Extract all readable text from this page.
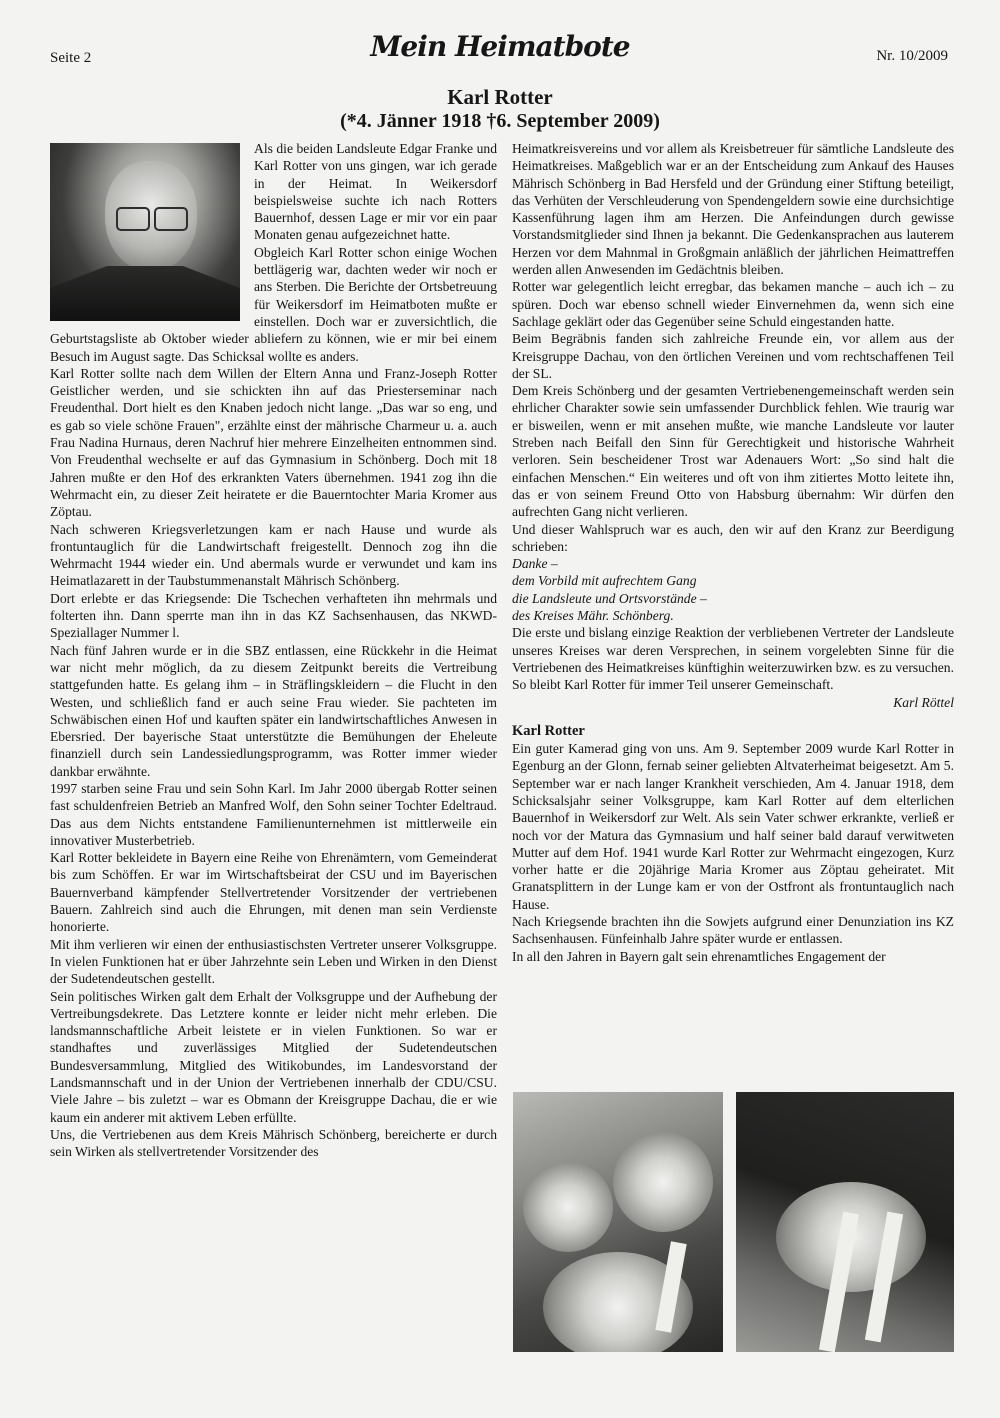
Seite 2	Mein Heimatbote	Nr. 10/2009
Karl Rotter
(*4. Jänner 1918 †6. September 2009)

Als die beiden Landsleute Edgar Franke und Karl Rotter von uns gingen, war ich gerade in der Heimat. In Weikersdorf beispielsweise suchte ich nach Rotters Bauernhof, dessen Lage er mir vor ein paar Monaten genau aufgezeichnet hatte.

Obgleich Karl Rotter schon einige Wochen bettlägerig war, dachten weder wir noch er ans Sterben. Die Berichte der Ortsbetreuung für Weikersdorf im Heimatboten mußte er einstellen. Doch war er zuversichtlich, die Geburtstagsliste ab Oktober wieder abliefern zu können, wie er mir bei einem Besuch im August sagte. Das Schicksal wollte es anders.

Karl Rotter sollte nach dem Willen der Eltern Anna und Franz-Joseph Rotter Geistlicher werden, und sie schickten ihn auf das Priesterseminar nach Freudenthal. Dort hielt es den Knaben jedoch nicht lange. „Das war so eng, und es gab so viele schöne Frauen", erzählte einst der mährische Charmeur u. a. auch Frau Nadina Hurnaus, deren Nachruf hier mehrere Einzelheiten entnommen sind. Von Freudenthal wechselte er auf das Gymnasium in Schönberg. Doch mit 18 Jahren mußte er den Hof des erkrankten Vaters übernehmen. 1941 zog ihn die Wehrmacht ein, zu dieser Zeit heiratete er die Bauerntochter Maria Kromer aus Zöptau.

Nach schweren Kriegsverletzungen kam er nach Hause und wurde als frontuntauglich für die Landwirtschaft freigestellt. Dennoch zog ihn die Wehrmacht 1944 wieder ein. Und abermals wurde er verwundet und kam ins Heimatlazarett in der Taubstummenanstalt Mährisch Schönberg.

Dort erlebte er das Kriegsende: Die Tschechen verhafteten ihn mehrmals und folterten ihn. Dann sperrte man ihn in das KZ Sachsenhausen, das NKWD-Speziallager Nummer l.

Nach fünf Jahren wurde er in die SBZ entlassen, eine Rückkehr in die Heimat war nicht mehr möglich, da zu diesem Zeitpunkt bereits die Vertreibung stattgefunden hatte. Es gelang ihm – in Sträflingskleidern – die Flucht in den Westen, und schließlich fand er auch seine Frau wieder. Sie pachteten im Schwäbischen einen Hof und kauften später ein landwirtschaftliches Anwesen in Ebersried. Der bayerische Staat unterstützte die Bemühungen der Eheleute finanziell durch sein Landessiedlungsprogramm, was Rotter immer wieder dankbar erwähnte.

1997 starben seine Frau und sein Sohn Karl. Im Jahr 2000 übergab Rotter seinen fast schuldenfreien Betrieb an Manfred Wolf, den Sohn seiner Tochter Edeltraud. Das aus dem Nichts entstandene Familienunternehmen ist mittlerweile ein innovativer Musterbetrieb.

Karl Rotter bekleidete in Bayern eine Reihe von Ehrenämtern, vom Gemeinderat bis zum Schöffen. Er war im Wirtschaftsbeirat der CSU und im Bayerischen Bauernverband kämpfender Stellvertretender Vorsitzender der vertriebenen Bauern. Zahlreich sind auch die Ehrungen, mit denen man sein Verdienste honorierte.

Mit ihm verlieren wir einen der enthusiastischsten Vertreter unserer Volksgruppe. In vielen Funktionen hat er über Jahrzehnte sein Leben und Wirken in den Dienst der Sudetendeutschen gestellt.

Sein politisches Wirken galt dem Erhalt der Volksgruppe und der Aufhebung der Vertreibungsdekrete. Das Letztere konnte er leider nicht mehr erleben. Die landsmannschaftliche Arbeit leistete er in vielen Funktionen. So war er standhaftes und zuverlässiges Mitglied der Sudetendeutschen Bundesversammlung, Mitglied des Witikobundes, im Landesvorstand der Landsmannschaft und in der Union der Vertriebenen innerhalb der CDU/CSU. Viele Jahre – bis zuletzt – war es Obmann der Kreisgruppe Dachau, die er wie kaum ein anderer mit aktivem Leben erfüllte.

Uns, die Vertriebenen aus dem Kreis Mährisch Schönberg, bereicherte er durch sein Wirken als stellvertretender Vorsitzender des

Heimatkreisvereins und vor allem als Kreisbetreuer für sämtliche Landsleute des Heimatkreises. Maßgeblich war er an der Entscheidung zum Ankauf des Hauses Mährisch Schönberg in Bad Hersfeld und der Gründung einer Stiftung beteiligt, das Verhüten der Verschleuderung von Spendengeldern sowie eine durchsichtige Kassenführung lagen ihm am Herzen. Die Anfeindungen durch gewisse Vorstandsmitglieder sind Ihnen ja bekannt. Die Gedenkansprachen aus lauterem Herzen vor dem Mahnmal in Großgmain anläßlich der jährlichen Heimattreffen werden allen Anwesenden im Gedächtnis bleiben.

Rotter war gelegentlich leicht erregbar, das bekamen manche – auch ich – zu spüren. Doch war ebenso schnell wieder Einvernehmen da, wenn sich eine Sachlage geklärt oder das Gegenüber seine Schuld eingestanden hatte.

Beim Begräbnis fanden sich zahlreiche Freunde ein, vor allem aus der Kreisgruppe Dachau, von den örtlichen Vereinen und vom rechtschaffenen Teil der SL.

Dem Kreis Schönberg und der gesamten Vertriebenengemeinschaft werden sein ehrlicher Charakter sowie sein umfassender Durchblick fehlen. Wie traurig war er bisweilen, wenn er mit ansehen mußte, wie manche Landsleute vor lauter Streben nach Beifall den Sinn für Gerechtigkeit und historische Wahrheit verloren. Sein bescheidener Trost war Adenauers Wort: „So sind halt die einfachen Menschen.“ Ein weiteres und oft von ihm zitiertes Motto leitete ihn, das er von seinem Freund Otto von Habsburg übernahm: Wir dürfen den aufrechten Gang nicht verlieren.

Und dieser Wahlspruch war es auch, den wir auf den Kranz zur Beerdigung schrieben:

Danke –

dem Vorbild mit aufrechtem Gang

die Landsleute und Ortsvorstände –

des Kreises Mähr. Schönberg.

Die erste und bislang einzige Reaktion der verbliebenen Vertreter der Landsleute unseres Kreises war deren Versprechen, in seinem vorgelebten Sinne für die Vertriebenen des Heimatkreises künftighin weiterzuwirken bzw. es zu versuchen. So bleibt Karl Rotter für immer Teil unserer Gemeinschaft.

Karl Röttel

Karl Rotter

Ein guter Kamerad ging von uns. Am 9. September 2009 wurde Karl Rotter in Egenburg an der Glonn, fernab seiner geliebten Altvaterheimat beigesetzt. Am 5. September war er nach langer Krankheit verschieden, Am 4. Januar 1918, dem Schicksalsjahr seiner Volksgruppe, kam Karl Rotter auf dem elterlichen Bauernhof in Weikersdorf zur Welt. Als sein Vater schwer erkrankte, verließ er noch vor der Matura das Gymnasium und half seiner bald darauf verwitweten Mutter auf dem Hof. 1941 wurde Karl Rotter zur Wehrmacht eingezogen, Kurz vorher hatte er die 20jährige Maria Kromer aus Zöptau geheiratet. Mit Granatsplittern in der Lunge kam er von der Ostfront als frontuntauglich nach Hause.

Nach Kriegsende brachten ihn die Sowjets aufgrund einer Denunziation ins KZ Sachsenhausen. Fünfeinhalb Jahre später wurde er entlassen.

In all den Jahren in Bayern galt sein ehrenamtliches Engagement der
